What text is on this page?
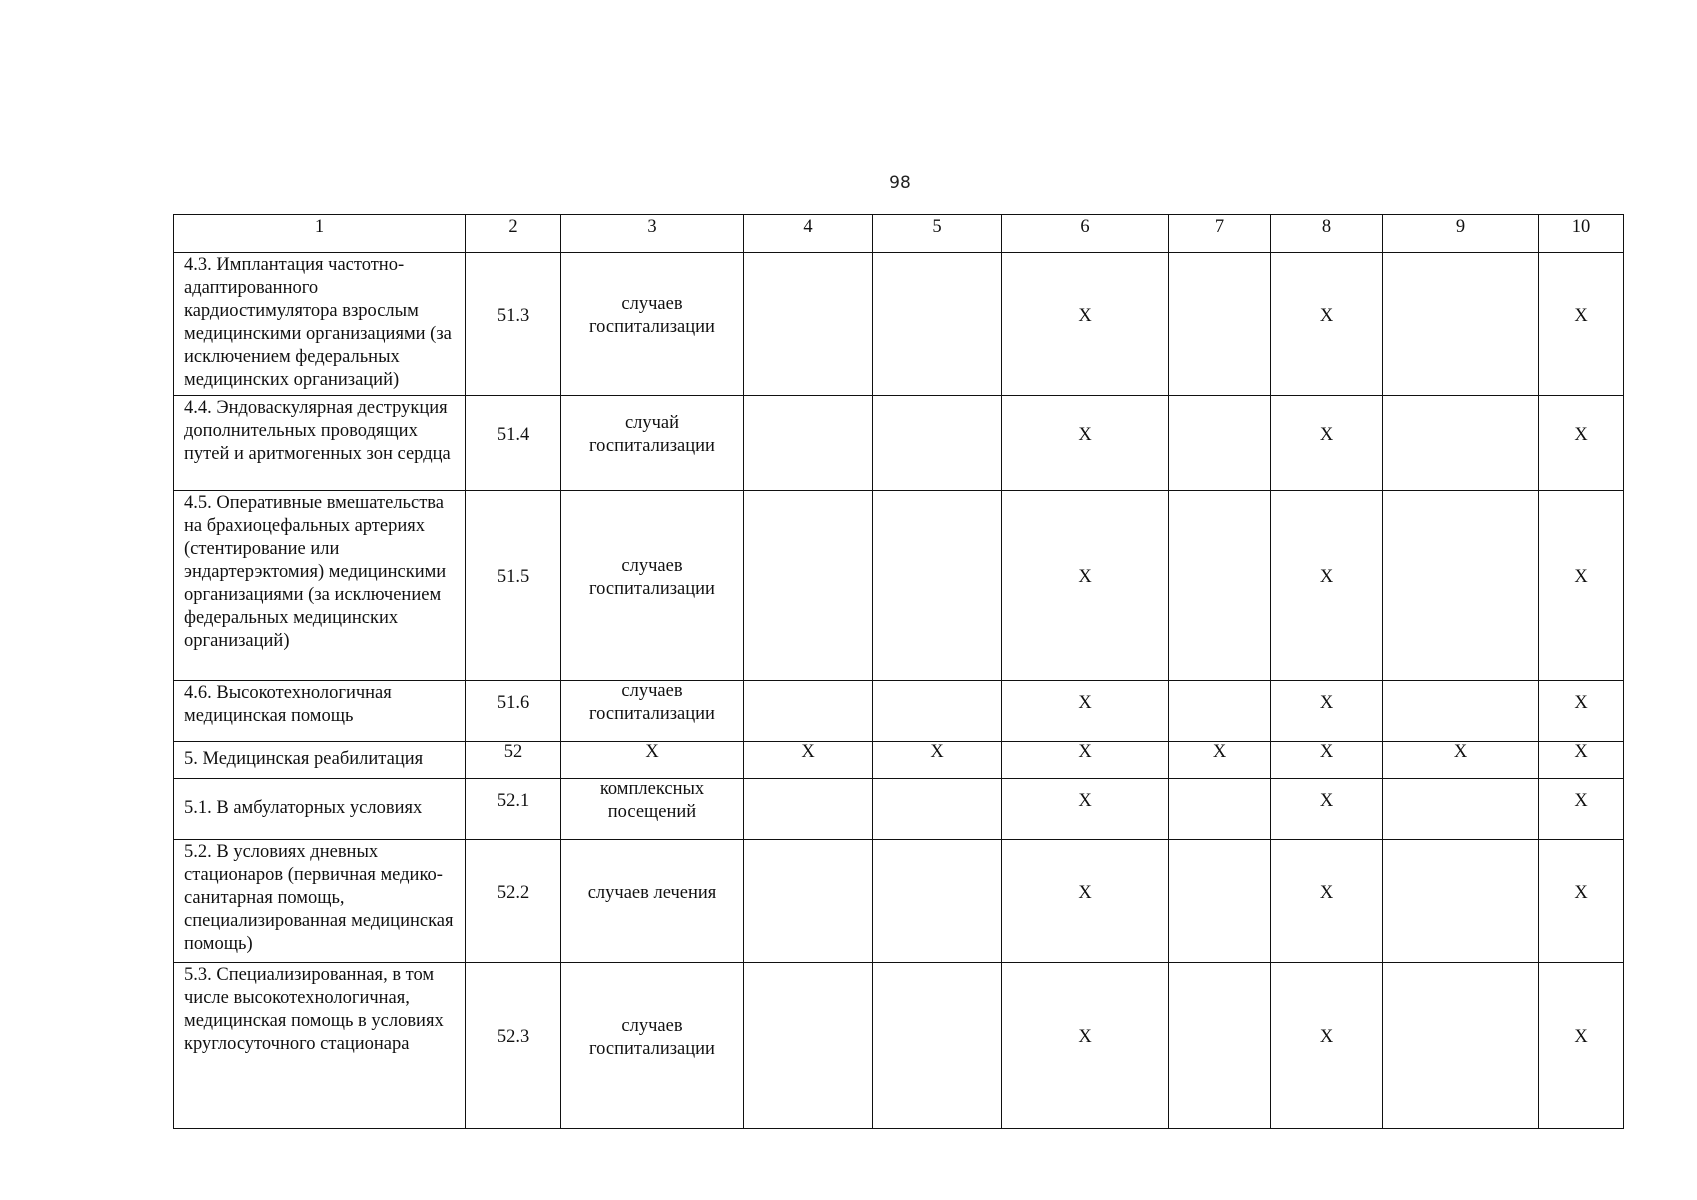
98
1	2	3	4	5	6	7	8	9	10
4.3. Имплантация частотно-адаптированного кардиостимулятора взрослым медицинскими организациями (за исключением федеральных медицинских организаций)	51.3	случаев госпитализации			X		X		X
4.4. Эндоваскулярная деструкция дополнительных проводящих путей и аритмогенных зон сердца	51.4	случай госпитализации			X		X		X
4.5. Оперативные вмешательства на брахиоцефальных артериях (стентирование или эндартерэктомия) медицинскими организациями (за исключением федеральных медицинских организаций)	51.5	случаев госпитализации			X		X		X
4.6. Высокотехнологичная медицинская помощь	51.6	случаев госпитализации			X		X		X
5. Медицинская реабилитация	52	X	X	X	X	X	X	X	X
5.1. В амбулаторных условиях	52.1	комплексных посещений			X		X		X
5.2. В условиях дневных стационаров (первичная медико-санитарная помощь, специализированная медицинская помощь)	52.2	случаев лечения			X		X		X
5.3. Специализированная, в том числе высокотехнологичная, медицинская помощь в условиях круглосуточного стационара	52.3	случаев госпитализации			X		X		X
